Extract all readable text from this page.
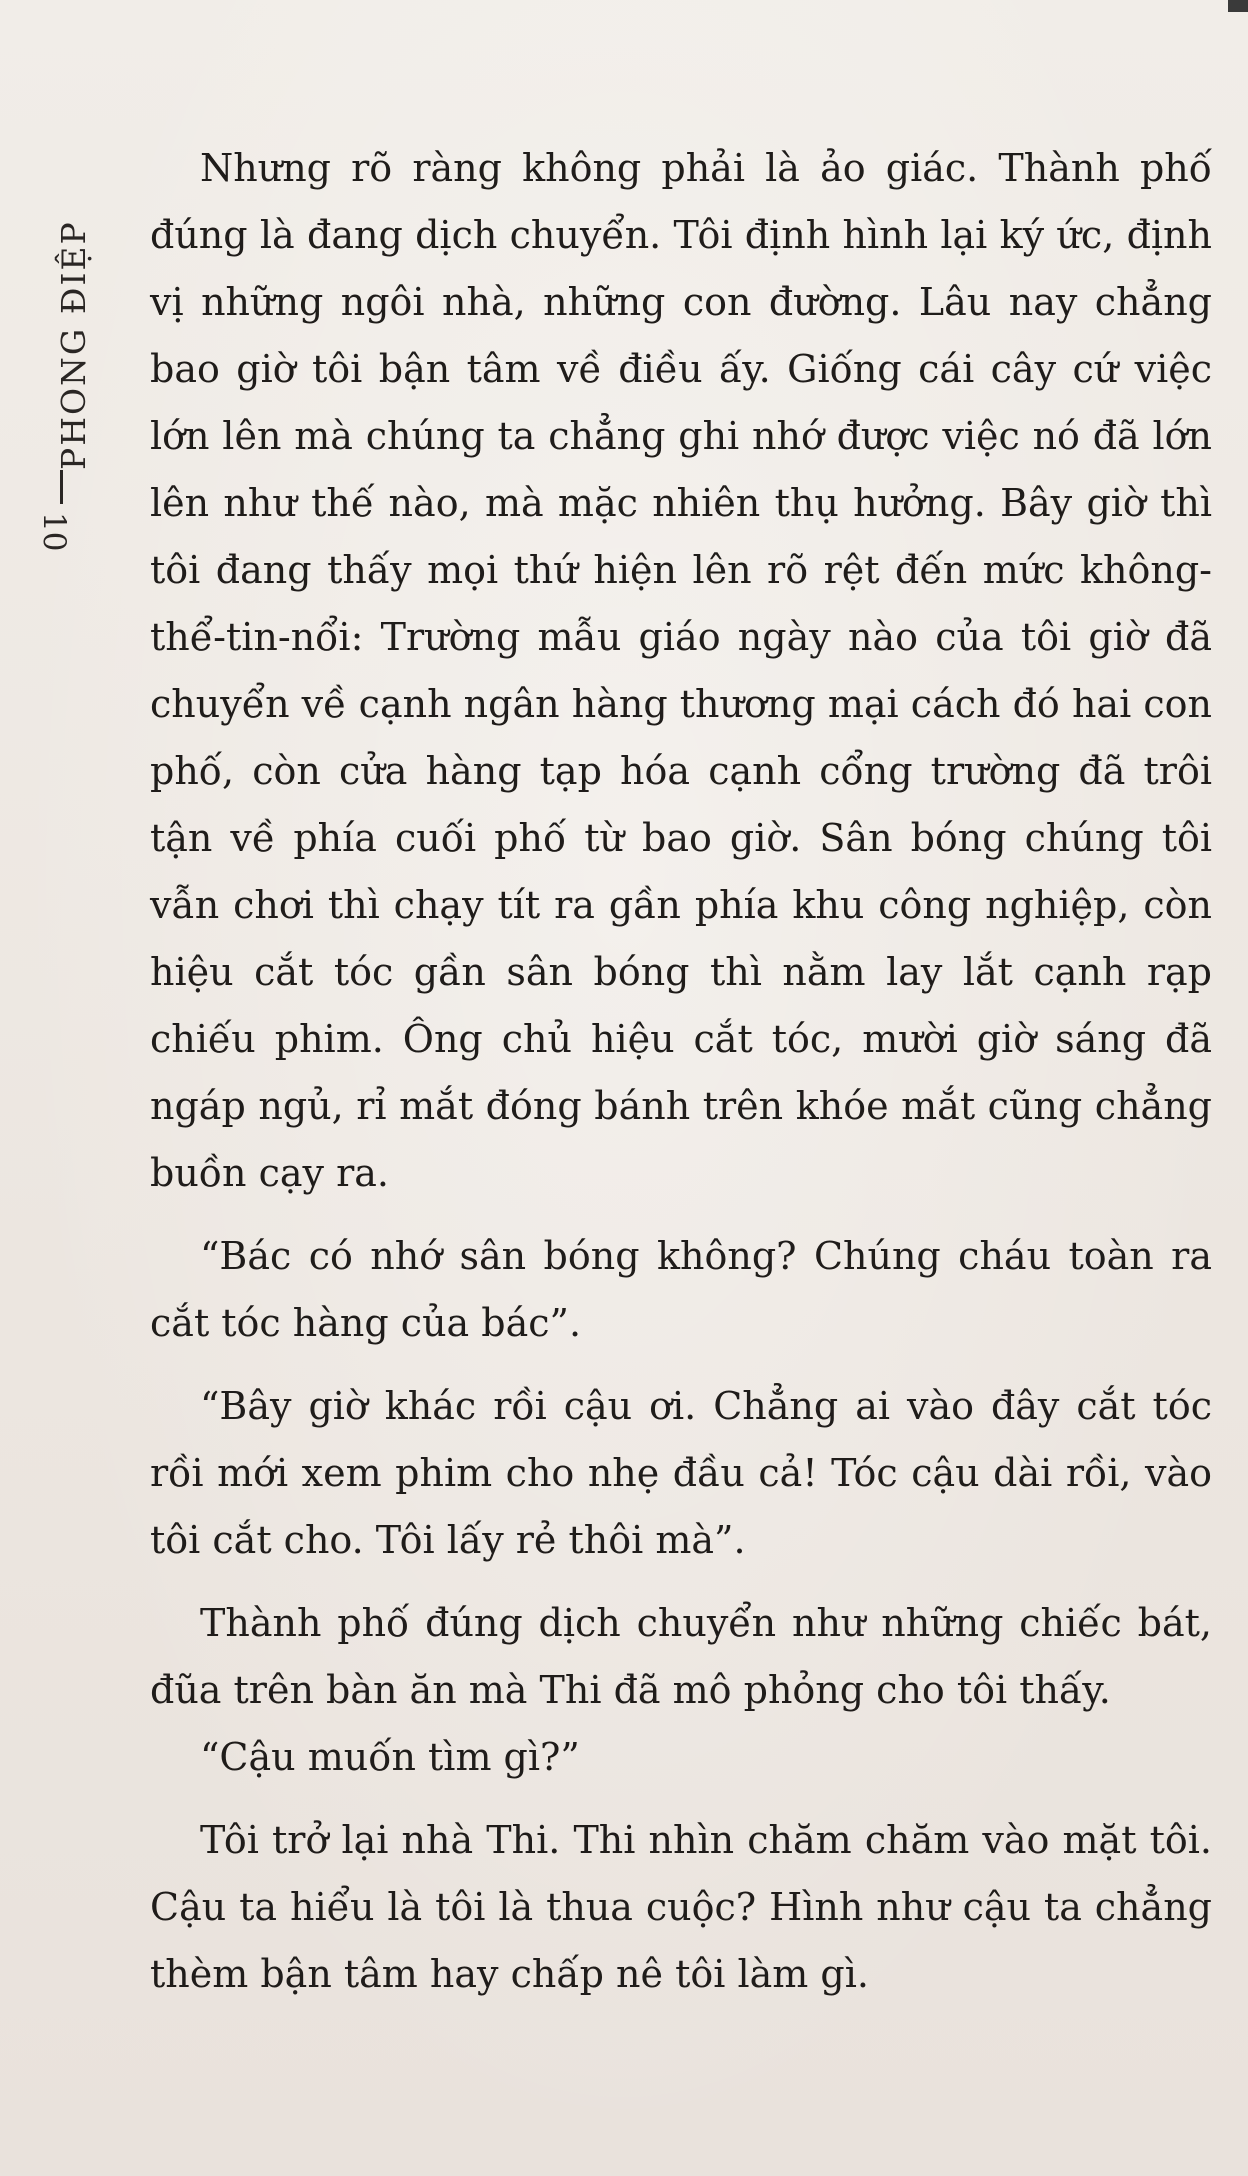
PHONG ĐIỆP
10

Nhưng rõ ràng không phải là ảo giác. Thành phố đúng là đang dịch chuyển. Tôi định hình lại ký ức, định vị những ngôi nhà, những con đường. Lâu nay chẳng bao giờ tôi bận tâm về điều ấy. Giống cái cây cứ việc lớn lên mà chúng ta chẳng ghi nhớ được việc nó đã lớn lên như thế nào, mà mặc nhiên thụ hưởng. Bây giờ thì tôi đang thấy mọi thứ hiện lên rõ rệt đến mức không-thể-tin-nổi: Trường mẫu giáo ngày nào của tôi giờ đã chuyển về cạnh ngân hàng thương mại cách đó hai con phố, còn cửa hàng tạp hóa cạnh cổng trường đã trôi tận về phía cuối phố từ bao giờ. Sân bóng chúng tôi vẫn chơi thì chạy tít ra gần phía khu công nghiệp, còn hiệu cắt tóc gần sân bóng thì nằm lay lắt cạnh rạp chiếu phim. Ông chủ hiệu cắt tóc, mười giờ sáng đã ngáp ngủ, rỉ mắt đóng bánh trên khóe mắt cũng chẳng buồn cạy ra.

“Bác có nhớ sân bóng không? Chúng cháu toàn ra cắt tóc hàng của bác”.

“Bây giờ khác rồi cậu ơi. Chẳng ai vào đây cắt tóc rồi mới xem phim cho nhẹ đầu cả! Tóc cậu dài rồi, vào tôi cắt cho. Tôi lấy rẻ thôi mà”.

Thành phố đúng dịch chuyển như những chiếc bát, đũa trên bàn ăn mà Thi đã mô phỏng cho tôi thấy.

“Cậu muốn tìm gì?”

Tôi trở lại nhà Thi. Thi nhìn chăm chăm vào mặt tôi. Cậu ta hiểu là tôi là thua cuộc? Hình như cậu ta chẳng thèm bận tâm hay chấp nê tôi làm gì.
